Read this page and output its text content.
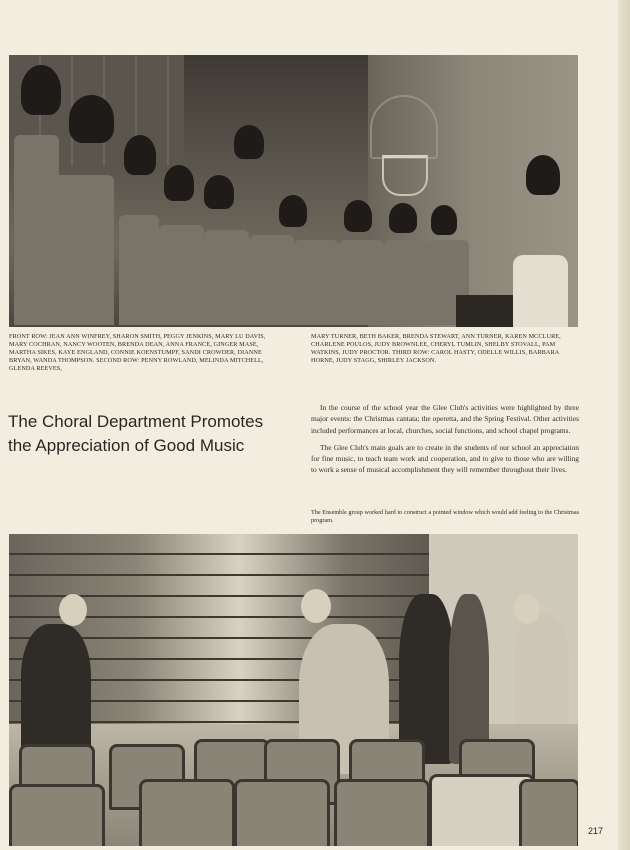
FRONT ROW: JEAN ANN WINFREY, SHARON SMITH, PEGGY JENKINS, MARY LU DAVIS, MARY COCHRAN, NANCY WOOTEN, BRENDA DEAN, ANNA FRANCE, GINGER MASE, MARTHA SIKES, KAYE ENGLAND, CONNIE KOENSTUMPF, SANDI CROWDER, DIANNE BRYAN, WANDA THOMPSON. SECOND ROW: PENNY ROWLAND, MELINDA MITCHELL, GLENDA REEVES,
MARY TURNER, BETH BAKER, BRENDA STEWART, ANN TURNER, KAREN MCCLURE, CHARLENE POULOS, JUDY BROWNLEE, CHERYL TUMLIN, SHELBY STOVALL, PAM WATKINS, JUDY PROCTOR. THIRD ROW: CAROL HASTY, ODELLE WILLIS, BARBARA HORNE, JUDY STAGG, SHIRLEY JACKSON.
The Choral Department Promotes
the Appreciation of Good Music

In the course of the school year the Glee Club's activities were highlighted by three major events: the Christmas cantata; the operetta, and the Spring Festival. Other activities included performances at local, churches, social functions, and school chapel programs.

The Glee Club's main goals are to create in the students of our school an appreciation for fine music, to teach team work and cooperation, and to give to those who are willing to work a sense of musical accomplishment they will remember throughout their lives.

The Ensemble group worked hard to construct a pointed window which would add feeling to the Christmas program.
217
